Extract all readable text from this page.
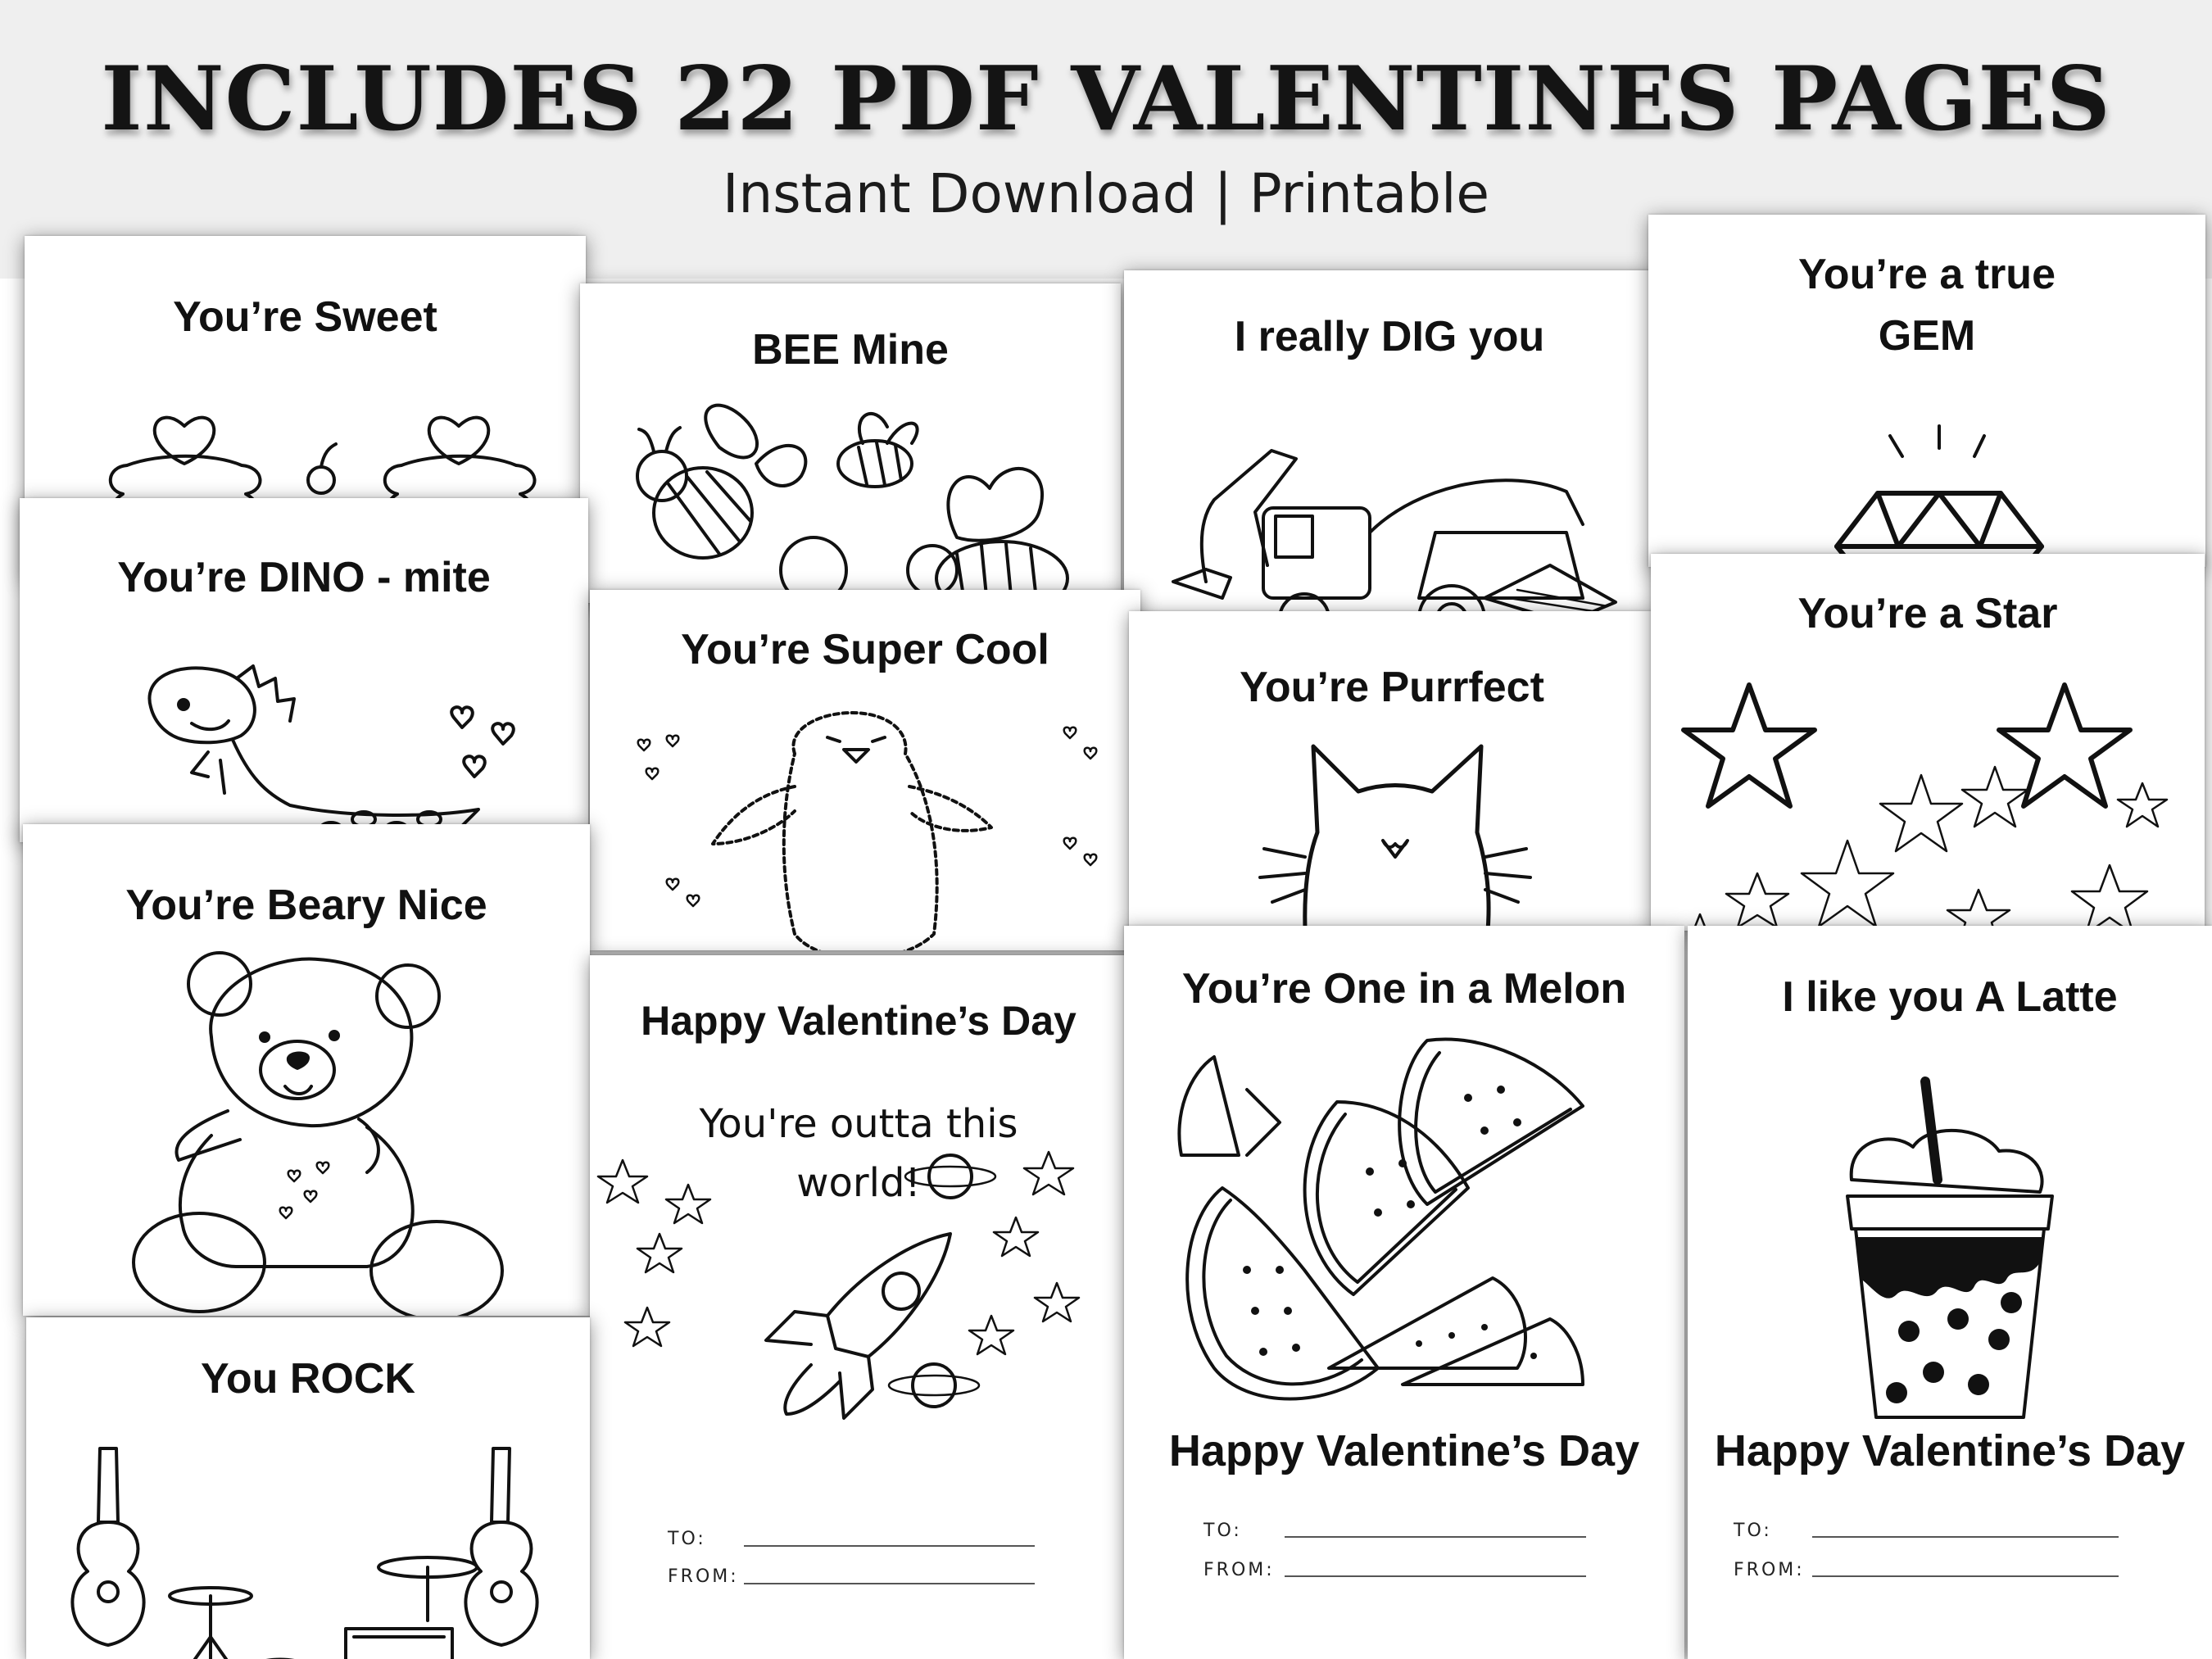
INCLUDES 22 PDF VALENTINES PAGES
Instant Download | Printable
You’re Sweet
BEE Mine	I really DIG you
You’re a true
GEM
You’re DINO - mite
You’re Super Cool
You’re Purrfect
You’re a Star
You’re Beary Nice
Happy Valentine’s Day
You're outta this
world!
TO:
FROM:
You’re One in a Melon
Happy Valentine’s Day
TO:
FROM:
I like you A Latte
Happy Valentine’s Day
TO:
FROM:
You ROCK
